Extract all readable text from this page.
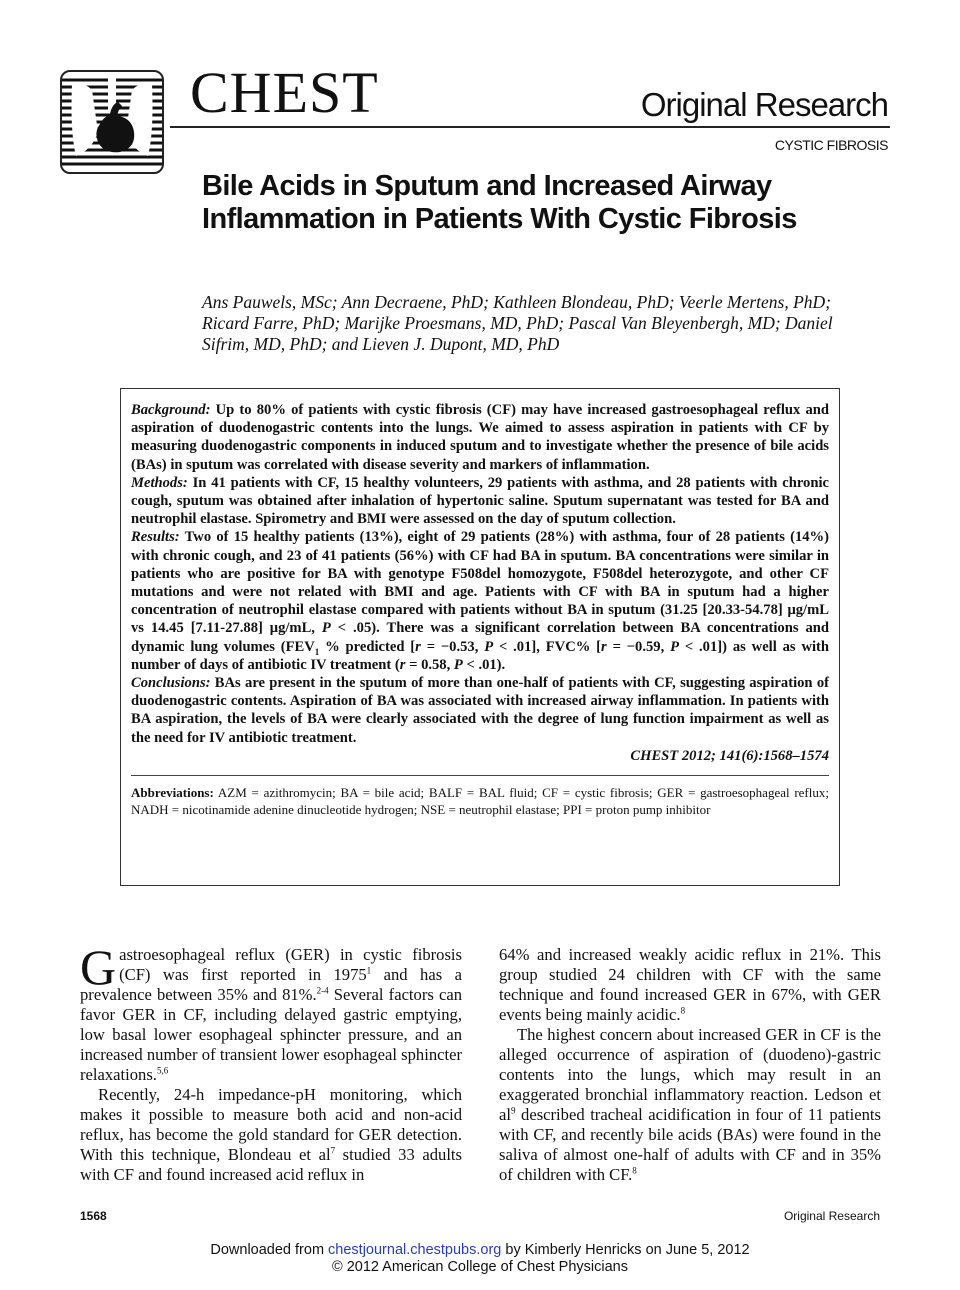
CHEST	Original Research
CYSTIC FIBROSIS
Bile Acids in Sputum and Increased Airway Inflammation in Patients With Cystic Fibrosis

Ans Pauwels, MSc; Ann Decraene, PhD; Kathleen Blondeau, PhD; Veerle Mertens, PhD; Ricard Farre, PhD; Marijke Proesmans, MD, PhD; Pascal Van Bleyenbergh, MD; Daniel Sifrim, MD, PhD; and Lieven J. Dupont, MD, PhD

Background: Up to 80% of patients with cystic fibrosis (CF) may have increased gastroesophageal reflux and aspiration of duodenogastric contents into the lungs. We aimed to assess aspiration in patients with CF by measuring duodenogastric components in induced sputum and to investigate whether the presence of bile acids (BAs) in sputum was correlated with disease severity and markers of inflammation.

Methods: In 41 patients with CF, 15 healthy volunteers, 29 patients with asthma, and 28 patients with chronic cough, sputum was obtained after inhalation of hypertonic saline. Sputum supernatant was tested for BA and neutrophil elastase. Spirometry and BMI were assessed on the day of sputum collection.

Results: Two of 15 healthy patients (13%), eight of 29 patients (28%) with asthma, four of 28 patients (14%) with chronic cough, and 23 of 41 patients (56%) with CF had BA in sputum. BA concentrations were similar in patients who are positive for BA with genotype F508del homozygote, F508del heterozygote, and other CF mutations and were not related with BMI and age. Patients with CF with BA in sputum had a higher concentration of neutrophil elastase compared with patients without BA in sputum (31.25 [20.33-54.78] μg/mL vs 14.45 [7.11-27.88] μg/mL, P < .05). There was a significant correlation between BA concentrations and dynamic lung volumes ($FEV_1$ % predicted [r = −0.53, P < .01], FVC% [r = −0.59, P < .01]) as well as with number of days of antibiotic IV treatment (r = 0.58, P < .01).

Conclusions: BAs are present in the sputum of more than one-half of patients with CF, suggesting aspiration of duodenogastric contents. Aspiration of BA was associated with increased airway inflammation. In patients with BA aspiration, the levels of BA were clearly associated with the degree of lung function impairment as well as the need for IV antibiotic treatment.

CHEST 2012; 141(6):1568–1574

Abbreviations: AZM = azithromycin; BA = bile acid; BALF = BAL fluid; CF = cystic fibrosis; GER = gastroesophageal reflux; NADH = nicotinamide adenine dinucleotide hydrogen; NSE = neutrophil elastase; PPI = proton pump inhibitor

Gastroesophageal reflux (GER) in cystic fibrosis (CF) was first reported in 1975$^1$ and has a prevalence between 35% and 81%.$^{2-4}$ Several factors can favor GER in CF, including delayed gastric emptying, low basal lower esophageal sphincter pressure, and an increased number of transient lower esophageal sphincter relaxations.$^{5,6}$

Recently, 24-h impedance-pH monitoring, which makes it possible to measure both acid and non-acid reflux, has become the gold standard for GER detection. With this technique, Blondeau et $al^7$ studied 33 adults with CF and found increased acid reflux in

64% and increased weakly acidic reflux in 21%. This group studied 24 children with CF with the same technique and found increased GER in 67%, with GER events being mainly acidic.$^8$

The highest concern about increased GER in CF is the alleged occurrence of aspiration of (duodeno)-gastric contents into the lungs, which may result in an exaggerated bronchial inflammatory reaction. Ledson et $al^9$ described tracheal acidification in four of 11 patients with CF, and recently bile acids (BAs) were found in the saliva of almost one-half of adults with CF and in 35% of children with CF.$^8$

1568	Original Research
Downloaded from chestjournal.chestpubs.org by Kimberly Henricks on June 5, 2012
© 2012 American College of Chest Physicians
